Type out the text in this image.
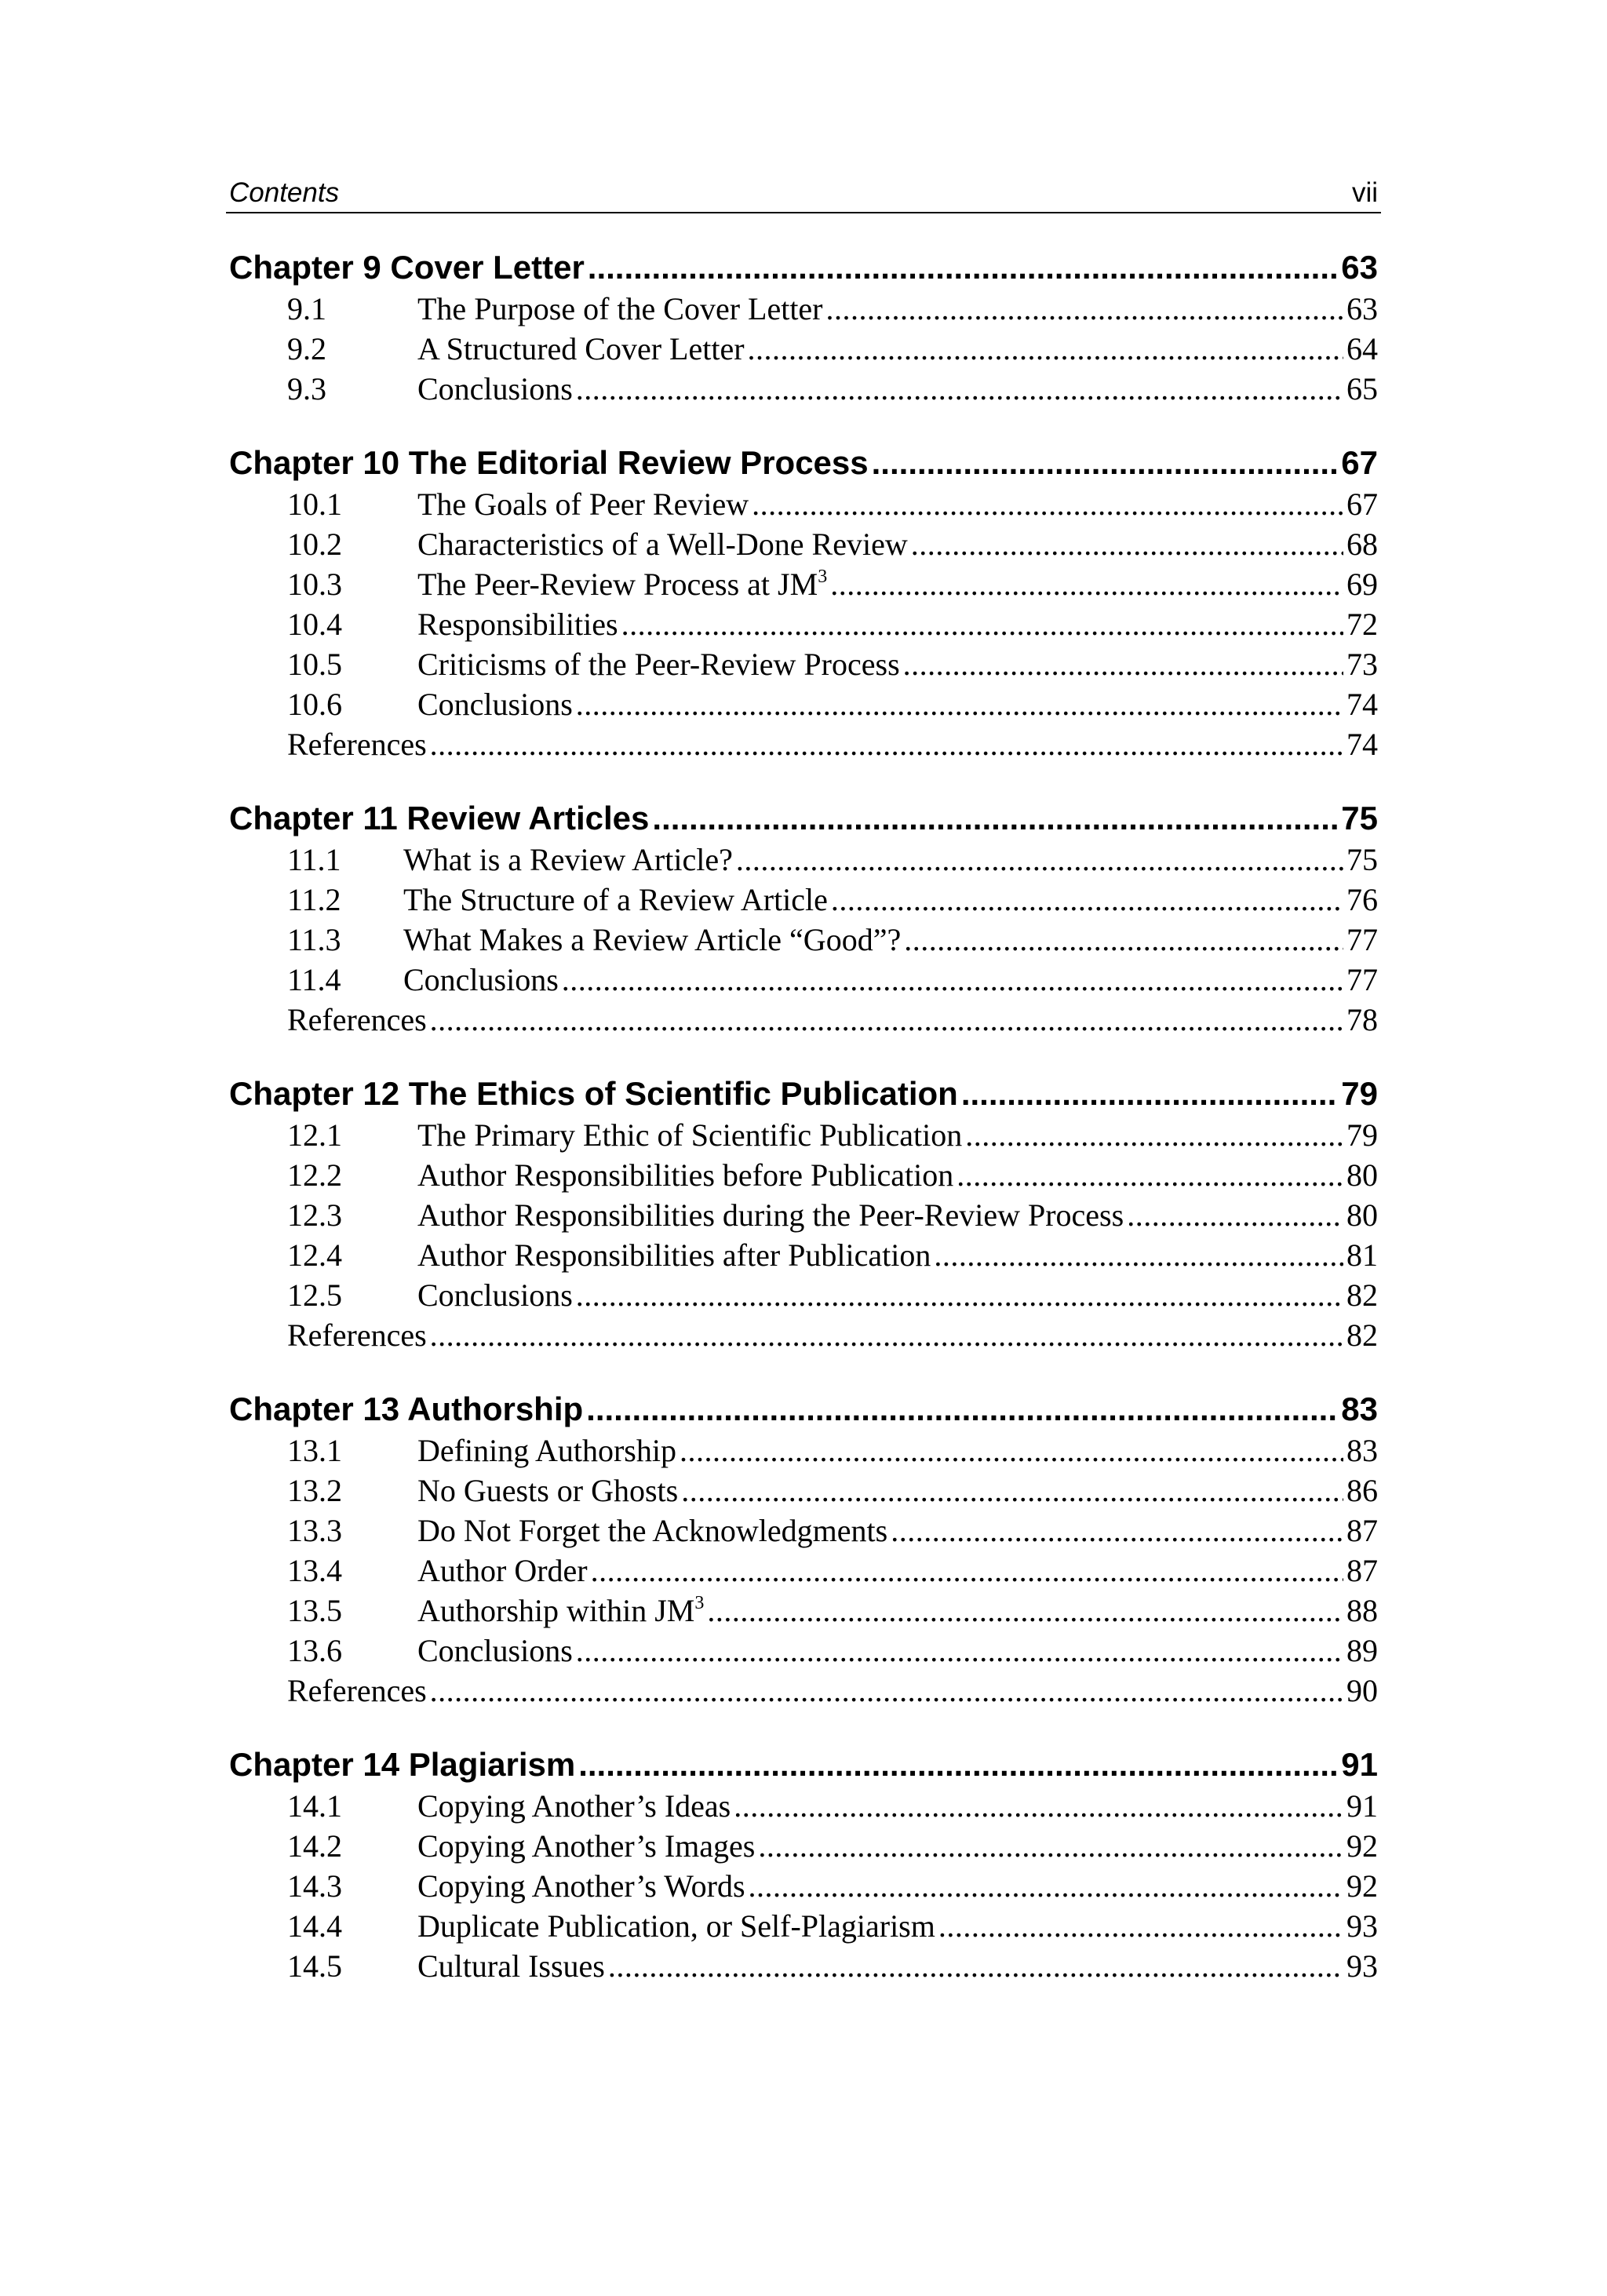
Contents	vii
Chapter 9 Cover Letter .....	63
9.1	The Purpose of the Cover Letter .....	63
9.2	A Structured Cover Letter .....	64
9.3	Conclusions .....	65
Chapter 10 The Editorial Review Process .....	67
10.1	The Goals of Peer Review .....	67
10.2	Characteristics of a Well-Done Review .....	68
10.3	The Peer-Review Process at $JM^3$ .....	69
10.4	Responsibilities .....	72
10.5	Criticisms of the Peer-Review Process .....	73
10.6	Conclusions .....	74
References .....	74
Chapter 11 Review Articles .....	75
11.1	What is a Review Article? .....	75
11.2	The Structure of a Review Article .....	76
11.3	What Makes a Review Article “Good”? .....	77
11.4	Conclusions .....	77
References .....	78
Chapter 12 The Ethics of Scientific Publication .....	79
12.1	The Primary Ethic of Scientific Publication .....	79
12.2	Author Responsibilities before Publication .....	80
12.3	Author Responsibilities during the Peer-Review Process .....	80
12.4	Author Responsibilities after Publication .....	81
12.5	Conclusions .....	82
References .....	82
Chapter 13 Authorship .....	83
13.1	Defining Authorship .....	83
13.2	No Guests or Ghosts .....	86
13.3	Do Not Forget the Acknowledgments .....	87
13.4	Author Order .....	87
13.5	Authorship within $JM^3$ .....	88
13.6	Conclusions .....	89
References .....	90
Chapter 14 Plagiarism .....	91
14.1	Copying Another’s Ideas .....	91
14.2	Copying Another’s Images .....	92
14.3	Copying Another’s Words .....	92
14.4	Duplicate Publication, or Self-Plagiarism .....	93
14.5	Cultural Issues .....	93
